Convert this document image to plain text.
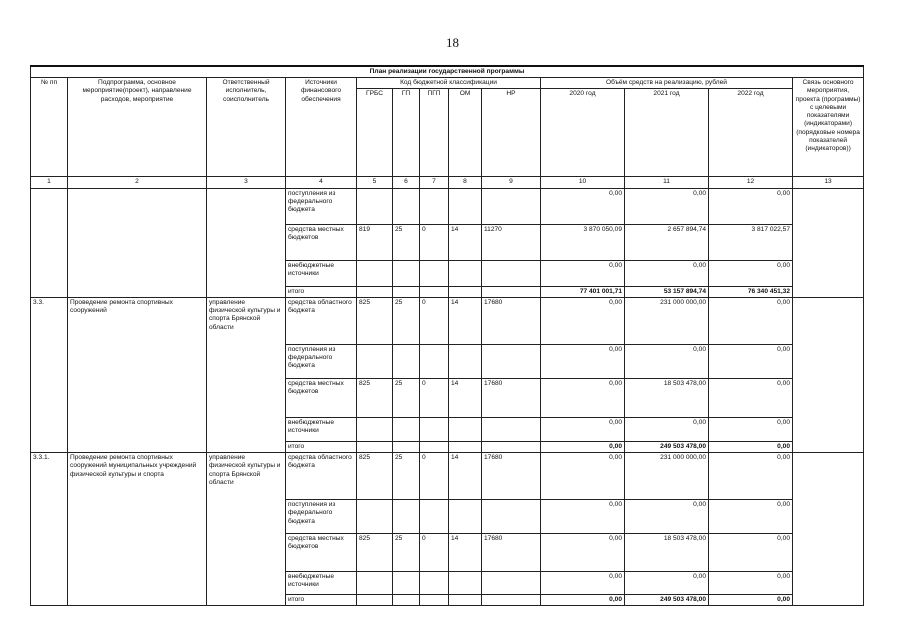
18
План реализации государственной программы												
№ пп	Подпрограмма, основное мероприятие(проект), направление расходов, мероприятие	Ответственный исполнитель, соисполнитель	Источники финансового обеспечения	Код бюджетной классификации					Объём средств на реализацию, рублей			Связь основного мероприятия, проекта (программы) с целевыми показателями (индикаторами) (порядковые номера показателей (индикаторов))
				ГРБС	ГП	ПГП	ОМ	НР	2020 год	2021 год	2022 год	
1	2	3	4	5	6	7	8	9	10	11	12	13
			поступления из федерального бюджета						0,00	0,00	0,00	
			средства местных бюджетов	819	25	0	14	11270	3 870 050,09	2 657 894,74	3 817 022,57	
			внебюджетные источники						0,00	0,00	0,00	
			итого						77 401 001,71	53 157 894,74	76 340 451,32	
3.3.	Проведение ремонта спортивных сооружений	управление физической культуры и спорта Брянской области	средства областного бюджета	825	25	0	14	17680	0,00	231 000 000,00	0,00	
			поступления из федерального бюджета						0,00	0,00	0,00	
			средства местных бюджетов	825	25	0	14	17680	0,00	18 503 478,00	0,00	
			внебюджетные источники						0,00	0,00	0,00	
			итого						0,00	249 503 478,00	0,00	
3.3.1.	Проведение ремонта спортивных сооружений муниципальных учреждений физической культуры и спорта	управление физической культуры и спорта Брянской области	средства областного бюджета	825	25	0	14	17680	0,00	231 000 000,00	0,00	
			поступления из федерального бюджета						0,00	0,00	0,00	
			средства местных бюджетов	825	25	0	14	17680	0,00	18 503 478,00	0,00	
			внебюджетные источники						0,00	0,00	0,00	
			итого						0,00	249 503 478,00	0,00	
